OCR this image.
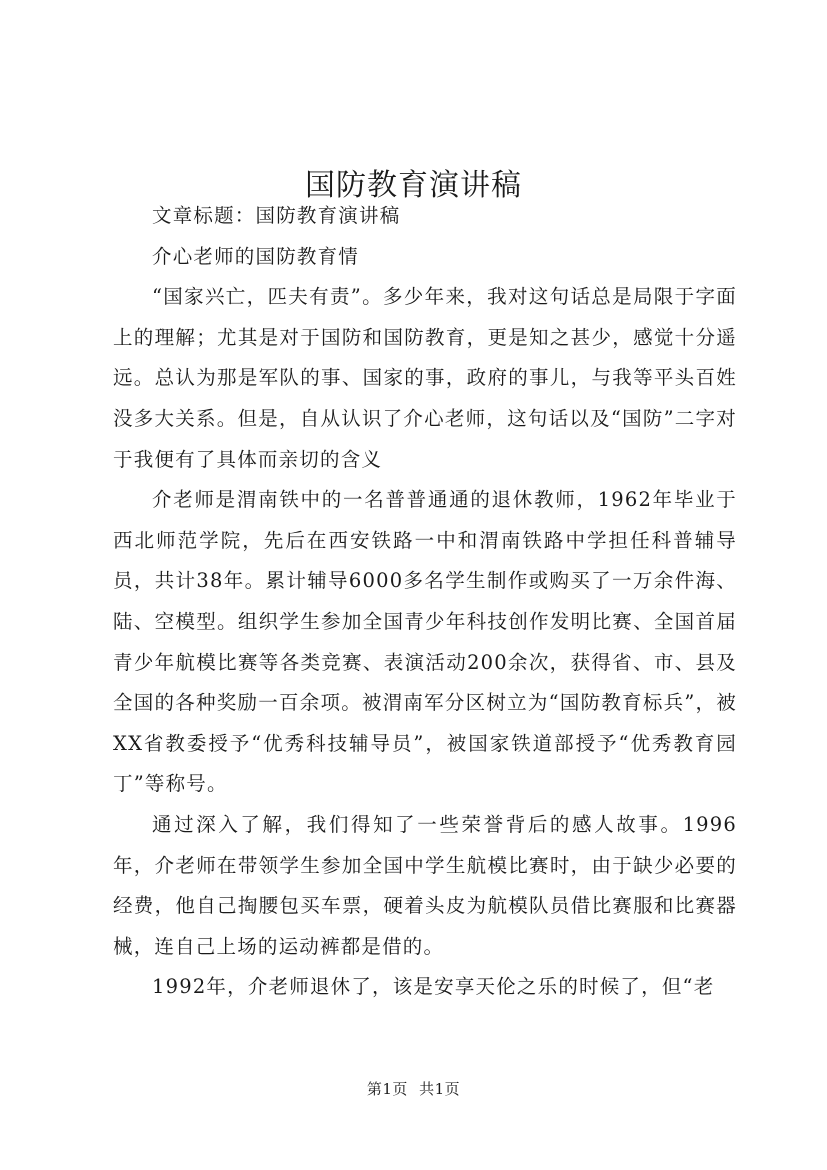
国防教育演讲稿

文章标题：国防教育演讲稿

介心老师的国防教育情

“国家兴亡，匹夫有责”。多少年来，我对这句话总是局限于字面上的理解；尤其是对于国防和国防教育，更是知之甚少，感觉十分遥远。总认为那是军队的事、国家的事，政府的事儿，与我等平头百姓没多大关系。但是，自从认识了介心老师，这句话以及“国防”二字对于我便有了具体而亲切的含义

介老师是渭南铁中的一名普普通通的退休教师，1962年毕业于西北师范学院，先后在西安铁路一中和渭南铁路中学担任科普辅导员，共计38年。累计辅导6000多名学生制作或购买了一万余件海、陆、空模型。组织学生参加全国青少年科技创作发明比赛、全国首届青少年航模比赛等各类竞赛、表演活动200余次，获得省、市、县及全国的各种奖励一百余项。被渭南军分区树立为“国防教育标兵”，被XX省教委授予“优秀科技辅导员”，被国家铁道部授予“优秀教育园丁”等称号。

通过深入了解，我们得知了一些荣誉背后的感人故事。1996年，介老师在带领学生参加全国中学生航模比赛时，由于缺少必要的经费，他自己掏腰包买车票，硬着头皮为航模队员借比赛服和比赛器械，连自己上场的运动裤都是借的。

1992年，介老师退休了，该是安享天伦之乐的时候了，但“老

第1页 共1页
